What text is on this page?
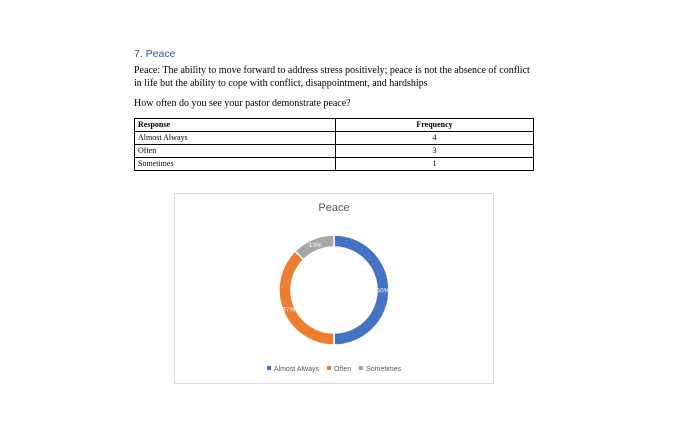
7. Peace
Peace: The ability to move forward to address stress positively; peace is not the absence of conflict in life but the ability to cope with conflict, disappointment, and hardships
How often do you see your pastor demonstrate peace?
Response	Frequency
Almost Always	4
Often	3
Sometimes	1
Peace
50%
37%
13%
Almost Always Often Sometimes
